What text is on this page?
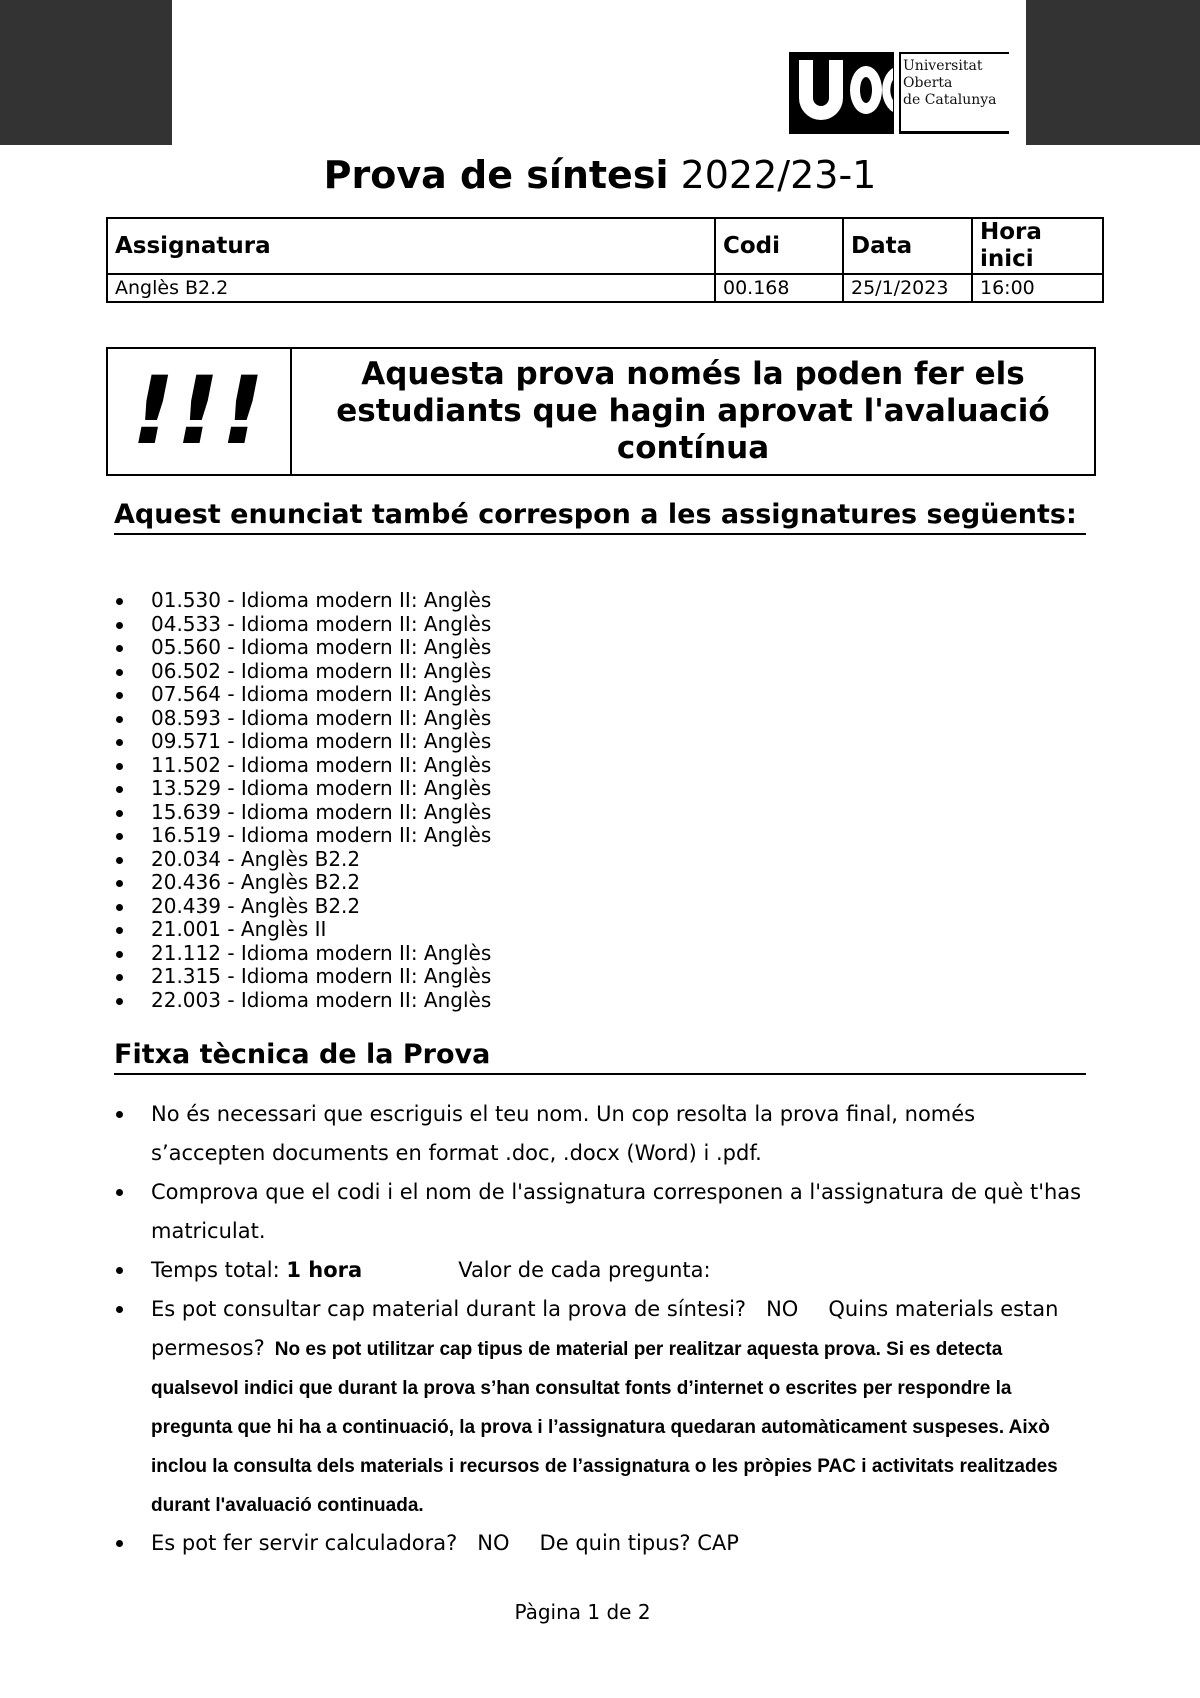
Universitat
Oberta
de Catalunya
Prova de síntesi 2022/23-1
Assignatura	Codi	Data	Hora inici
Anglès B2.2	00.168	25/1/2023	16:00
!!!	Aquesta prova només la poden fer els estudiants que hagin aprovat l'avaluació contínua
Aquest enunciat també correspon a les assignatures següents:
01.530 - Idioma modern II: Anglès
04.533 - Idioma modern II: Anglès
05.560 - Idioma modern II: Anglès
06.502 - Idioma modern II: Anglès
07.564 - Idioma modern II: Anglès
08.593 - Idioma modern II: Anglès
09.571 - Idioma modern II: Anglès
11.502 - Idioma modern II: Anglès
13.529 - Idioma modern II: Anglès
15.639 - Idioma modern II: Anglès
16.519 - Idioma modern II: Anglès
20.034 - Anglès B2.2
20.436 - Anglès B2.2
20.439 - Anglès B2.2
21.001 - Anglès II
21.112 - Idioma modern II: Anglès
21.315 - Idioma modern II: Anglès
22.003 - Idioma modern II: Anglès
Fitxa tècnica de la Prova
No és necessari que escriguis el teu nom. Un cop resolta la prova final, només s’accepten documents en format .doc, .docx (Word) i .pdf.
Comprova que el codi i el nom de l'assignatura corresponen a l'assignatura de què t'has matriculat.
Temps total: 1 hora	Valor de cada pregunta:
Es pot consultar cap material durant la prova de síntesi? NO Quins materials estan permesos? No es pot utilitzar cap tipus de material per realitzar aquesta prova. Si es detecta qualsevol indici que durant la prova s’han consultat fonts d’internet o escrites per respondre la pregunta que hi ha a continuació, la prova i l’assignatura quedaran automàticament suspeses. Això inclou la consulta dels materials i recursos de l’assignatura o les pròpies PAC i activitats realitzades durant l'avaluació continuada.
Es pot fer servir calculadora? NO De quin tipus? CAP
Pàgina 1 de 2
